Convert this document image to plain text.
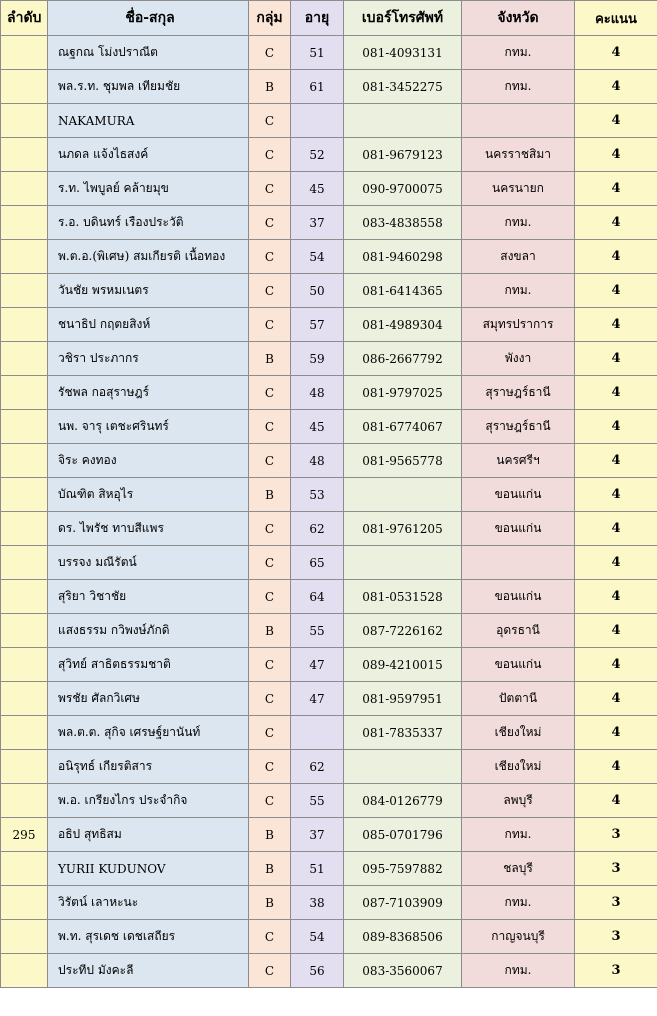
ลำดับ	ชื่อ-สกุล	กลุ่ม	อายุ	เบอร์โทรศัพท์	จังหวัด	คะแนน
	ณฐกณ โม่งปราณีต	C	51	081-4093131	กทม.	4
	พล.ร.ท. ชุมพล เทียมชัย	B	61	081-3452275	กทม.	4
	NAKAMURA	C				4
	นภดล แจ้งไธสงค์	C	52	081-9679123	นครราชสิมา	4
	ร.ท. ไพบูลย์ คล้ายมุข	C	45	090-9700075	นครนายก	4
	ร.อ. บดินทร์ เรืองประวัติ	C	37	083-4838558	กทม.	4
	พ.ต.อ.(พิเศษ) สมเกียรติ เนื้อทอง	C	54	081-9460298	สงขลา	4
	วันชัย พรหมเนตร	C	50	081-6414365	กทม.	4
	ชนาธิป กฤตยสิงห์	C	57	081-4989304	สมุทรปราการ	4
	วชิรา ประภากร	B	59	086-2667792	พังงา	4
	รัชพล กอสุราษฎร์	C	48	081-9797025	สุราษฎร์ธานี	4
	นพ. จารุ เตชะศรินทร์	C	45	081-6774067	สุราษฎร์ธานี	4
	จิระ คงทอง	C	48	081-9565778	นครศรีฯ	4
	บัณฑิต สิหอุไร	B	53		ขอนแก่น	4
	ดร. ไพรัช ทาบสีแพร	C	62	081-9761205	ขอนแก่น	4
	บรรจง มณีรัตน์	C	65			4
	สุริยา วิชาชัย	C	64	081-0531528	ขอนแก่น	4
	แสงธรรม กวิพงษ์ภักดิ	B	55	087-7226162	อุดรธานี	4
	สุวิทย์ สาธิตธรรมชาติ	C	47	089-4210015	ขอนแก่น	4
	พรชัย ศัลกวิเศษ	C	47	081-9597951	ปัตตานี	4
	พล.ต.ต. สุกิจ เศรษฐ์ยานันท์	C		081-7835337	เชียงใหม่	4
	อนิรุทธ์ เกียรติสาร	C	62		เชียงใหม่	4
	พ.อ. เกรียงไกร ประจำกิจ	C	55	084-0126779	ลพบุรี	4
295	อธิป สุทธิสม	B	37	085-0701796	กทม.	3
	YURII KUDUNOV	B	51	095-7597882	ชลบุรี	3
	วิรัตน์ เลาหะนะ	B	38	087-7103909	กทม.	3
	พ.ท. สุรเดช เดชเสถียร	C	54	089-8368506	กาญจนบุรี	3
	ประทีป มังคะลี	C	56	083-3560067	กทม.	3
